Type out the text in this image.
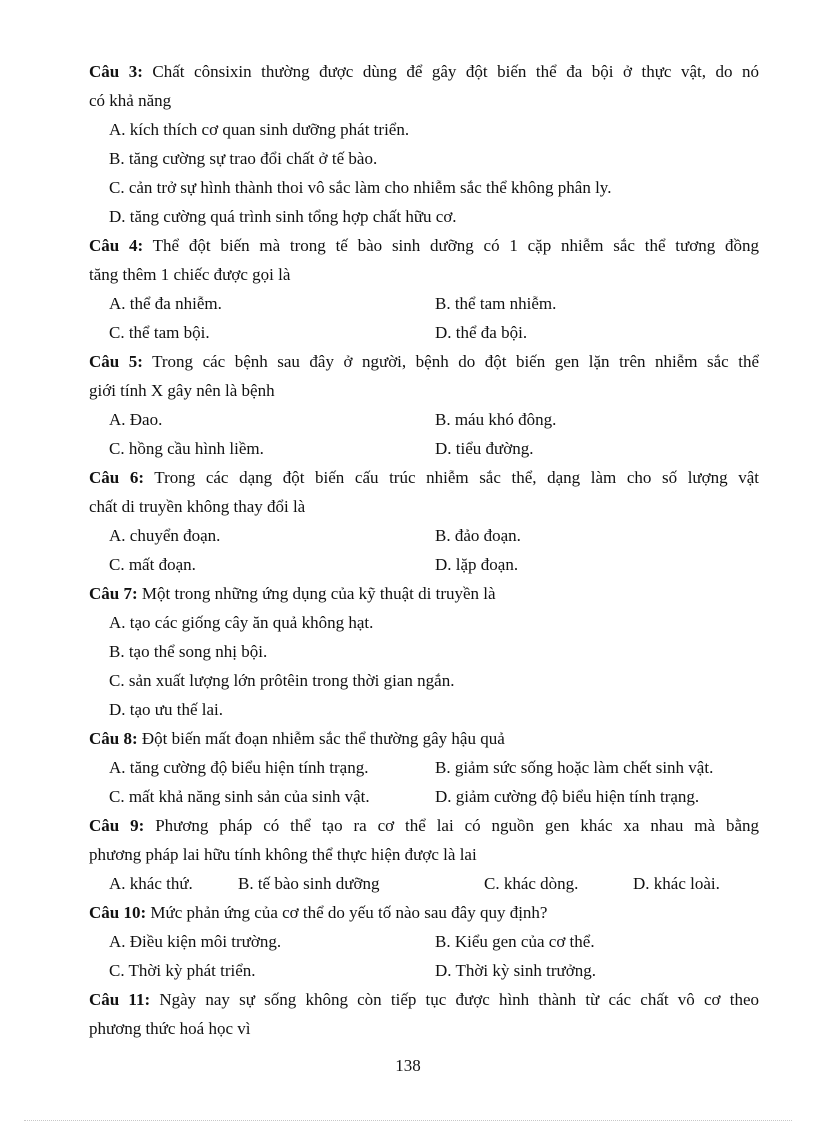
Câu 3: Chất cônsixin thường được dùng để gây đột biến thể đa bội ở thực vật, do nó
có khả năng
A. kích thích cơ quan sinh dưỡng phát triển.
B. tăng cường sự trao đổi chất ở tế bào.
C. cản trở sự hình thành thoi vô sắc làm cho nhiễm sắc thể không phân ly.
D. tăng cường quá trình sinh tổng hợp chất hữu cơ.
Câu 4: Thể đột biến mà trong tế bào sinh dưỡng có 1 cặp nhiễm sắc thể tương đồng
tăng thêm 1 chiếc được gọi là
A. thể đa nhiễm.	B. thể tam nhiễm.
C. thể tam bội.	D. thể đa bội.
Câu 5: Trong các bệnh sau đây ở người, bệnh do đột biến gen lặn trên nhiễm sắc thể
giới tính X gây nên là bệnh
A. Đao.	B. máu khó đông.
C. hồng cầu hình liềm.	D. tiểu đường.
Câu 6: Trong các dạng đột biến cấu trúc nhiễm sắc thể, dạng làm cho số lượng vật
chất di truyền không thay đổi là
A. chuyển đoạn.	B. đảo đoạn.
C. mất đoạn.	D. lặp đoạn.
Câu 7: Một trong những ứng dụng của kỹ thuật di truyền là
A. tạo các giống cây ăn quả không hạt.
B. tạo thể song nhị bội.
C. sản xuất lượng lớn prôtêin trong thời gian ngắn.
D. tạo ưu thế lai.
Câu 8: Đột biến mất đoạn nhiễm sắc thể thường gây hậu quả
A. tăng cường độ biểu hiện tính trạng.	B. giảm sức sống hoặc làm chết sinh vật.
C. mất khả năng sinh sản của sinh vật.	D. giảm cường độ biểu hiện tính trạng.
Câu 9: Phương pháp có thể tạo ra cơ thể lai có nguồn gen khác xa nhau mà bằng
phương pháp lai hữu tính không thể thực hiện được là lai
A. khác thứ.	B. tế bào sinh dưỡng	C. khác dòng.	D. khác loài.
Câu 10: Mức phản ứng của cơ thể do yếu tố nào sau đây quy định?
A. Điều kiện môi trường.	B. Kiểu gen của cơ thể.
C. Thời kỳ phát triển.	D. Thời kỳ sinh trưởng.
Câu 11: Ngày nay sự sống không còn tiếp tục được hình thành từ các chất vô cơ theo
phương thức hoá học vì
138
